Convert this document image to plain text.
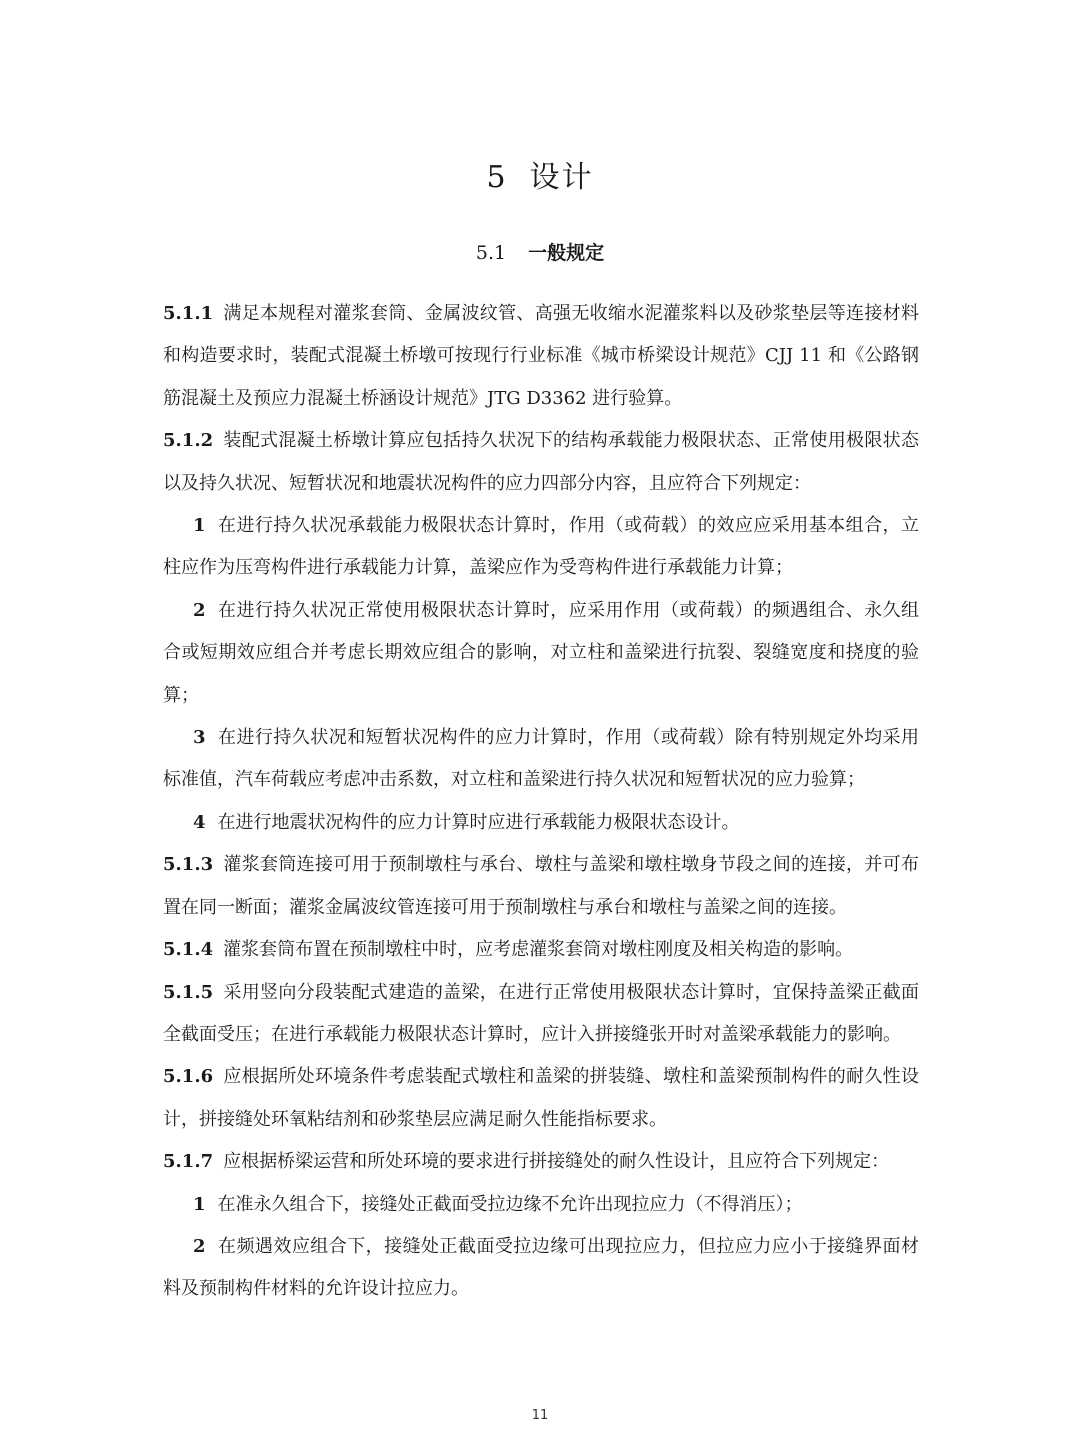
5 设计
5.1 一般规定

5.1.1 满足本规程对灌浆套筒、金属波纹管、高强无收缩水泥灌浆料以及砂浆垫层等连接材料和构造要求时，装配式混凝土桥墩可按现行行业标准《城市桥梁设计规范》CJJ 11 和《公路钢筋混凝土及预应力混凝土桥涵设计规范》JTG D3362 进行验算。

5.1.2 装配式混凝土桥墩计算应包括持久状况下的结构承载能力极限状态、正常使用极限状态以及持久状况、短暂状况和地震状况构件的应力四部分内容，且应符合下列规定：

1 在进行持久状况承载能力极限状态计算时，作用（或荷载）的效应应采用基本组合，立柱应作为压弯构件进行承载能力计算，盖梁应作为受弯构件进行承载能力计算；

2 在进行持久状况正常使用极限状态计算时，应采用作用（或荷载）的频遇组合、永久组合或短期效应组合并考虑长期效应组合的影响，对立柱和盖梁进行抗裂、裂缝宽度和挠度的验算；

3 在进行持久状况和短暂状况构件的应力计算时，作用（或荷载）除有特别规定外均采用标准值，汽车荷载应考虑冲击系数，对立柱和盖梁进行持久状况和短暂状况的应力验算；

4 在进行地震状况构件的应力计算时应进行承载能力极限状态设计。

5.1.3 灌浆套筒连接可用于预制墩柱与承台、墩柱与盖梁和墩柱墩身节段之间的连接，并可布置在同一断面；灌浆金属波纹管连接可用于预制墩柱与承台和墩柱与盖梁之间的连接。

5.1.4 灌浆套筒布置在预制墩柱中时，应考虑灌浆套筒对墩柱刚度及相关构造的影响。

5.1.5 采用竖向分段装配式建造的盖梁，在进行正常使用极限状态计算时，宜保持盖梁正截面全截面受压；在进行承载能力极限状态计算时，应计入拼接缝张开时对盖梁承载能力的影响。

5.1.6 应根据所处环境条件考虑装配式墩柱和盖梁的拼装缝、墩柱和盖梁预制构件的耐久性设计，拼接缝处环氧粘结剂和砂浆垫层应满足耐久性能指标要求。

5.1.7 应根据桥梁运营和所处环境的要求进行拼接缝处的耐久性设计，且应符合下列规定：

1 在准永久组合下，接缝处正截面受拉边缘不允许出现拉应力（不得消压）；

2 在频遇效应组合下，接缝处正截面受拉边缘可出现拉应力，但拉应力应小于接缝界面材料及预制构件材料的允许设计拉应力。

11
